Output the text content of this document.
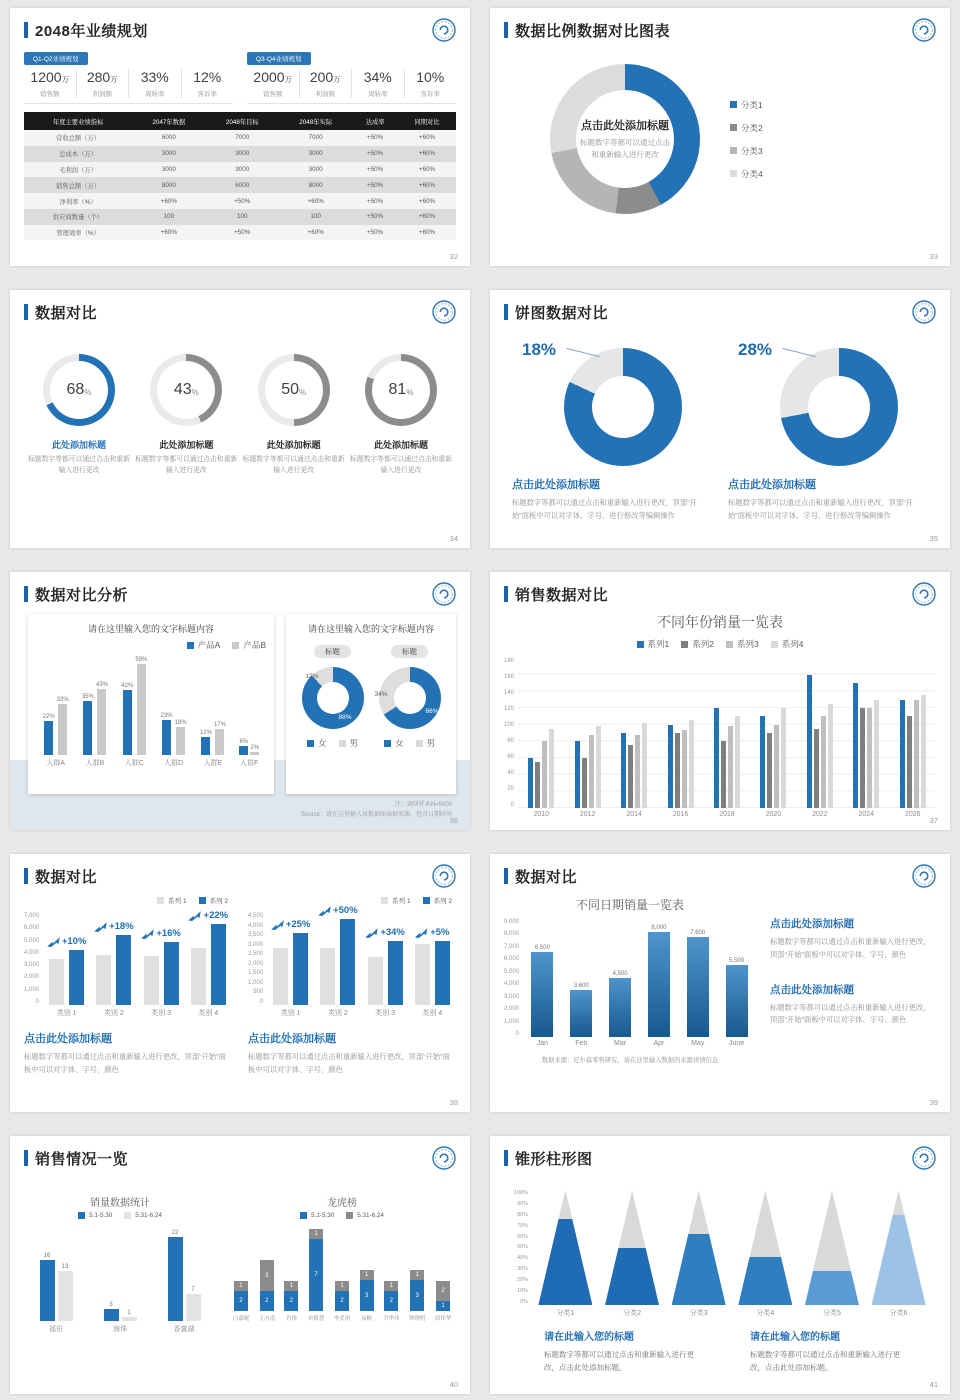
2048年业绩规划
Q1-Q2业绩规划
1200万
销售额
280万
利润额
33%
周转率
12%
客诉率
Q3-Q4业绩规划
2000万
销售额
200万
利润额
34%
周转率
10%
客诉率
年度主要业绩指标	2047年数据	2048年目标	2048年实际	达成率	同期对比
营收总额（万）	6000	7000	7000	+50%	+60%
总成本（万）	3000	3000	3000	+50%	+60%
毛利润（万）	3000	3000	3000	+50%	+60%
销售总额（万）	8000	6000	8000	+50%	+60%
净利率（%）	+60%	+50%	+60%	+50%	+60%
供应商数量（个）	100	100	100	+50%	+60%
管理效率（%）	+60%	+50%	+60%	+50%	+60%
32
数据比例数据对比图表
点击此处添加标题
标题数字等都可以通过点击和重新输入进行更改
分类1
分类2
分类3
分类4
33
数据对比
68 %
此处添加标题
标题数字等都可以通过点击和重新输入进行更改
43 %
此处添加标题
标题数字等都可以通过点击和重新输入进行更改
50 %
此处添加标题
标题数字等都可以通过点击和重新输入进行更改
81 %
此处添加标题
标题数字等都可以通过点击和重新输入进行更改
34
饼图数据对比
18%
点击此处添加标题
标题数字等都可以通过点击和重新输入进行更改，顶部“开始”面板中可以对字体、字号、进行修改等编辑操作
28%
点击此处添加标题
标题数字等都可以通过点击和重新输入进行更改，顶部“开始”面板中可以对字体、字号、进行修改等编辑操作
35
数据对比分析
请在这里输入您的文字标题内容
产品A	产品B
22%
33%
人群A
35%
43%
人群B
42%
59%
人群C
23%
18%
人群D
12%
17%
人群E
6%
2%
人群F
请在这里输入您的文字标题内容
标题
12%
88%
女	男
标题
34%
66%
女	男
注：调研样本N=5000
Source：请在这里输入该数据图表据来源，包含日期时间
36
销售数据对比
不同年份销量一览表
系列1	系列2	系列3	系列4
180
160
140
120
100
80
60
40
20
0
2010	2012	2014	2016	2018	2020	2022	2024	2026
37
数据对比
系列 1	系列 2
7,000
6,000
5,000
4,000
3,000
2,000
1,000
0
+10%
类别 1
+18%
类别 2
+16%
类别 3
+22%
类别 4
点击此处添加标题
标题数字等都可以通过点击和重新输入进行更改，顶部“开始”面板中可以对字体、字号、颜色
系列 1	系列 2
4,500
4,000
3,500
3,000
2,500
2,000
1,500
1,000
500
0
+25%
类别 1
+50%
类别 2
+34%
类别 3
+5%
类别 4
点击此处添加标题
标题数字等都可以通过点击和重新输入进行更改，顶部“开始”面板中可以对字体、字号、颜色
38
数据对比
不同日期销量一览表
9,000
8,000
7,000
6,000
5,000
4,000
3,000
2,000
1,000
0
6,500
Jan
3,600
Feb
4,500
Mar
8,000
Apr
7,600
May
5,500
June
数据来源：尼尔森零售研究，请在这里输入数据的来源详情信息
点击此处添加标题
标题数字等都可以通过点击和重新输入进行更改，顶部“开始”面板中可以对字体、字号、颜色
点击此处添加标题
标题数字等都可以通过点击和重新输入进行更改，顶部“开始”面板中可以对字体、字号、颜色
39
销售情况一览
销量数据统计
5.1-5.30	5.31-6.24
16
13
福田
3
1
海珠
22
7
香蜜湖
龙虎榜
5.1-5.30	5.31-6.24
2
1
白嘉妮
2
3
王冯南
2
1
肖珍
7
1
单新慧
2
1
李美琪
3
1
易帆
2
1
尹华伟
3
1
钟晓明
1
2
周伟华
40
锥形柱形图
100%
90%
80%
70%
60%
50%
40%
30%
20%
10%
0%
分类1	分类2	分类3	分类4	分类5	分类6
请在此输入您的标题
标题数字等都可以通过点击和重新输入进行更改，点击此处添加标题。
请在此输入您的标题
标题数字等都可以通过点击和重新输入进行更改，点击此处添加标题。
41
